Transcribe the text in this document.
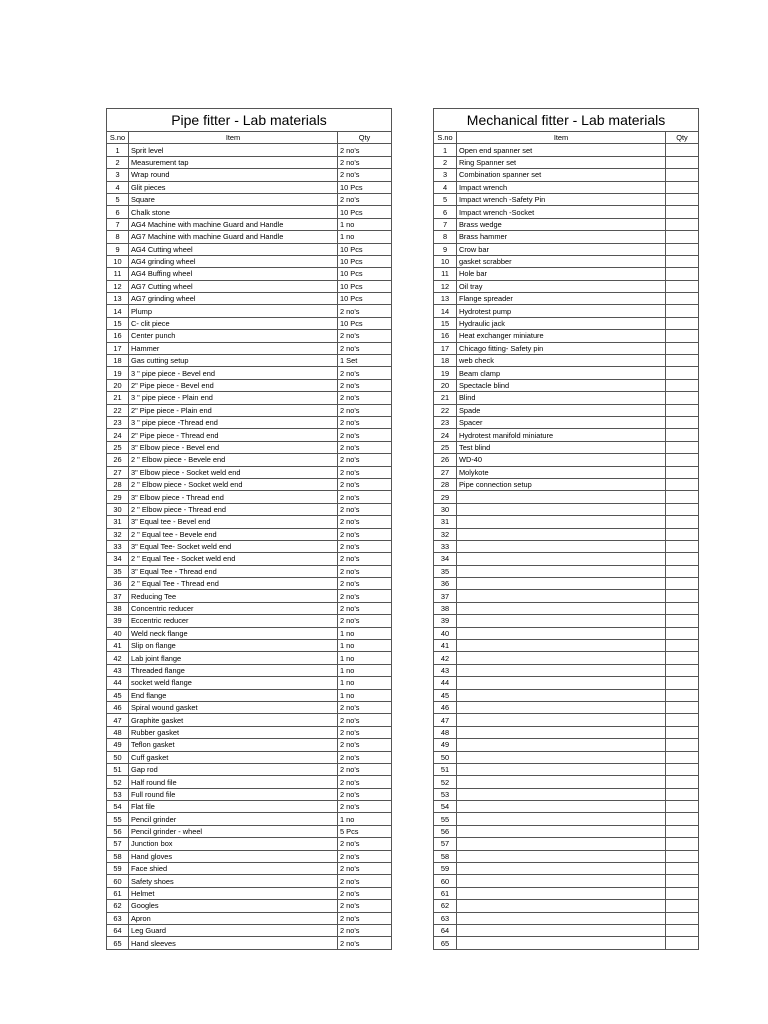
Pipe fitter - Lab materials		
S.no	Item	Qty
1	Sprit level	2 no's
2	Measurement tap	2 no's
3	Wrap round	2 no's
4	Glit pieces	10 Pcs
5	Square	2 no's
6	Chalk stone	10 Pcs
7	AG4 Machine with machine Guard and Handle	1 no
8	AG7 Machine with machine Guard and Handle	1 no
9	AG4 Cutting wheel	10 Pcs
10	AG4 grinding wheel	10 Pcs
11	AG4 Buffing wheel	10 Pcs
12	AG7 Cutting wheel	10 Pcs
13	AG7 grinding wheel	10 Pcs
14	Plump	2 no's
15	C- clit piece	10 Pcs
16	Center punch	2 no's
17	Hammer	2 no's
18	Gas cutting setup	1 Set
19	3 " pipe piece - Bevel end	2 no's
20	2" Pipe piece - Bevel end	2 no's
21	3 " pipe piece - Plain end	2 no's
22	2" Pipe piece - Plain end	2 no's
23	3 " pipe piece -Thread end	2 no's
24	2" Pipe piece - Thread end	2 no's
25	3" Elbow piece - Bevel end	2 no's
26	2 " Elbow piece - Bevele end	2 no's
27	3" Elbow piece - Socket weld end	2 no's
28	2 " Elbow piece - Socket weld end	2 no's
29	3" Elbow piece - Thread end	2 no's
30	2 " Elbow piece - Thread end	2 no's
31	3" Equal tee - Bevel end	2 no's
32	2 " Equal tee - Bevele end	2 no's
33	3" Equal Tee- Socket weld end	2 no's
34	2 " Equal Tee - Socket weld end	2 no's
35	3" Equal Tee - Thread end	2 no's
36	2 " Equal Tee - Thread end	2 no's
37	Reducing Tee	2 no's
38	Concentric reducer	2 no's
39	Eccentric reducer	2 no's
40	Weld neck flange	1 no
41	Slip on flange	1 no
42	Lab joint flange	1 no
43	Threaded flange	1 no
44	socket weld flange	1 no
45	End flange	1 no
46	Spiral wound gasket	2 no's
47	Graphite gasket	2 no's
48	Rubber gasket	2 no's
49	Teflon gasket	2 no's
50	Cuff gasket	2 no's
51	Gap rod	2 no's
52	Half round file	2 no's
53	Full round file	2 no's
54	Flat file	2 no's
55	Pencil grinder	1 no
56	Pencil grinder - wheel	5 Pcs
57	Junction box	2 no's
58	Hand gloves	2 no's
59	Face shied	2 no's
60	Safety shoes	2 no's
61	Helmet	2 no's
62	Googles	2 no's
63	Apron	2 no's
64	Leg Guard	2 no's
65	Hand sleeves	2 no's
Mechanical fitter - Lab materials		
S.no	Item	Qty
1	Open end spanner set	
2	Ring Spanner set	
3	Combination spanner set	
4	Impact wrench	
5	Impact wrench -Safety Pin	
6	Impact wrench -Socket	
7	Brass wedge	
8	Brass hammer	
9	Crow bar	
10	gasket scrabber	
11	Hole bar	
12	Oil tray	
13	Flange spreader	
14	Hydrotest pump	
15	Hydraulic jack	
16	Heat exchanger miniature	
17	Chicago fitting- Safety pin	
18	web check	
19	Beam clamp	
20	Spectacle blind	
21	Blind	
22	Spade	
23	Spacer	
24	Hydrotest manifold miniature	
25	Test blind	
26	WD-40	
27	Molykote	
28	Pipe connection setup	
29		
30		
31		
32		
33		
34		
35		
36		
37		
38		
39		
40		
41		
42		
43		
44		
45		
46		
47		
48		
49		
50		
51		
52		
53		
54		
55		
56		
57		
58		
59		
60		
61		
62		
63		
64		
65		
